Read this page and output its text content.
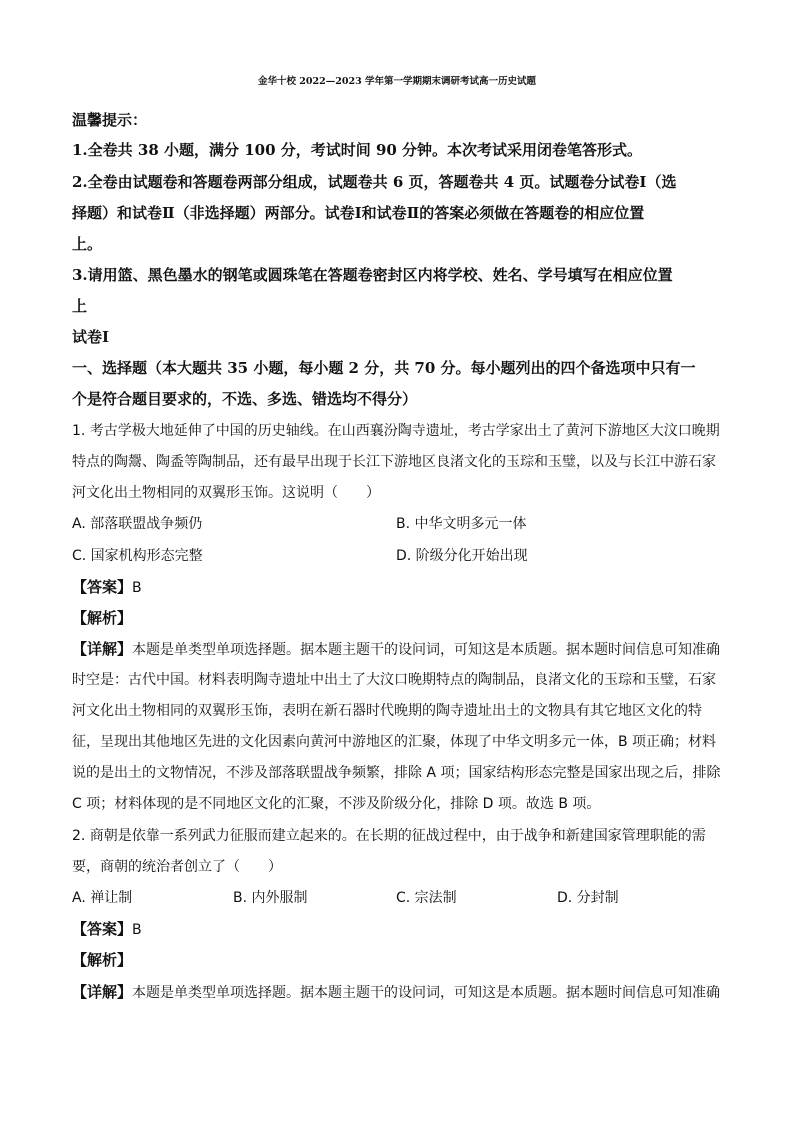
金华十校 2022—2023 学年第一学期期末调研考试高一历史试题
温馨提示：
1.全卷共 38 小题，满分 100 分，考试时间 90 分钟。本次考试采用闭卷笔答形式。
2.全卷由试题卷和答题卷两部分组成，试题卷共 6 页，答题卷共 4 页。试题卷分试卷Ⅰ（选
择题）和试卷Ⅱ（非选择题）两部分。试卷Ⅰ和试卷Ⅱ的答案必须做在答题卷的相应位置
上。
3.请用篮、黑色墨水的钢笔或圆珠笔在答题卷密封区内将学校、姓名、学号填写在相应位置
上
试卷Ⅰ
一、选择题（本大题共 35 小题，每小题 2 分，共 70 分。每小题列出的四个备选项中只有一
个是符合题目要求的，不选、多选、错选均不得分）
1. 考古学极大地延伸了中国的历史轴线。在山西襄汾陶寺遗址，考古学家出土了黄河下游地区大汶口晚期
特点的陶鬶、陶盉等陶制品，还有最早出现于长江下游地区良渚文化的玉琮和玉璧，以及与长江中游石家
河文化出土物相同的双翼形玉饰。这说明（　　）
A. 部落联盟战争频仍	B. 中华文明多元一体
C. 国家机构形态完整	D. 阶级分化开始出现
【答案】B
【解析】
【详解】本题是单类型单项选择题。据本题主题干的设问词，可知这是本质题。据本题时间信息可知准确
时空是：古代中国。材料表明陶寺遗址中出土了大汶口晚期特点的陶制品，良渚文化的玉琮和玉璧，石家
河文化出土物相同的双翼形玉饰，表明在新石器时代晚期的陶寺遗址出土的文物具有其它地区文化的特
征，呈现出其他地区先进的文化因素向黄河中游地区的汇聚，体现了中华文明多元一体，B 项正确；材料
说的是出土的文物情况，不涉及部落联盟战争频繁，排除 A 项；国家结构形态完整是国家出现之后，排除
C 项；材料体现的是不同地区文化的汇聚，不涉及阶级分化，排除 D 项。故选 B 项。
2. 商朝是依靠一系列武力征服而建立起来的。在长期的征战过程中，由于战争和新建国家管理职能的需
要，商朝的统治者创立了（　　）
A. 禅让制	B. 内外服制	C. 宗法制	D. 分封制
【答案】B
【解析】
【详解】本题是单类型单项选择题。据本题主题干的设问词，可知这是本质题。据本题时间信息可知准确
